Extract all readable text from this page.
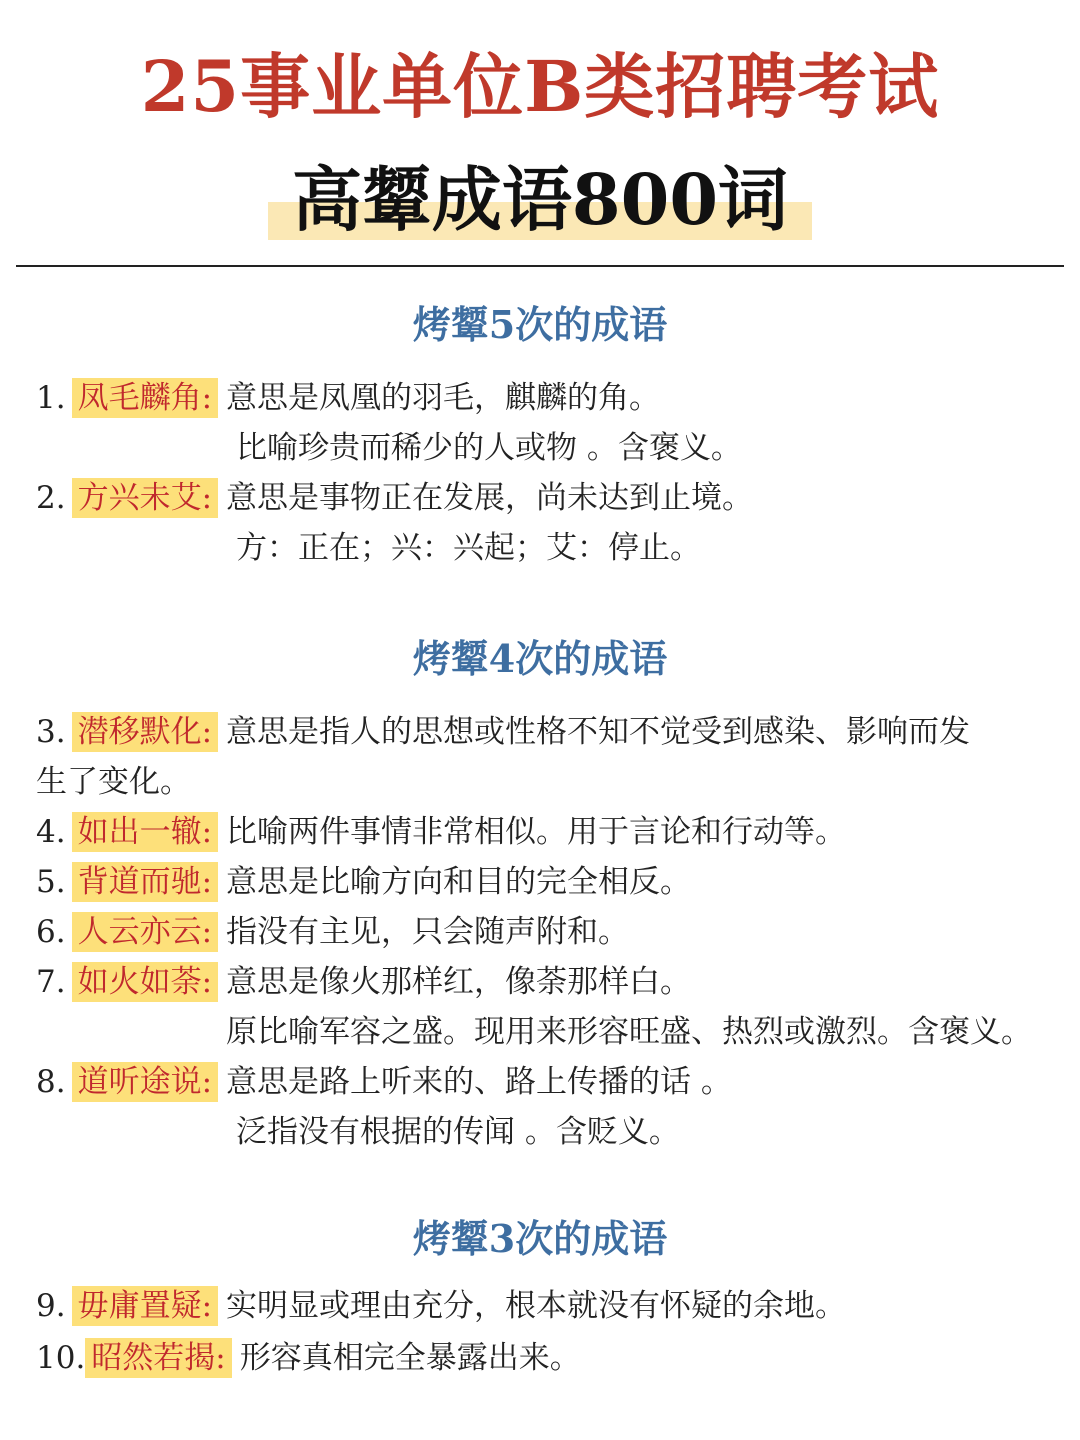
25事业单位B类招聘考试
高颦成语800词
烤颦5次的成语
1. 凤毛麟角: 意思是凤凰的羽毛，麒麟的角。
比喻珍贵而稀少的人或物 。含褒义。
2. 方兴未艾: 意思是事物正在发展，尚未达到止境。
方：正在；兴：兴起；艾：停止。
烤颦4次的成语
3. 潜移默化: 意思是指人的思想或性格不知不觉受到感染、影响而发
生了变化。
4. 如出一辙: 比喻两件事情非常相似。用于言论和行动等。
5. 背道而驰: 意思是比喻方向和目的完全相反。
6. 人云亦云: 指没有主见，只会随声附和。
7. 如火如荼: 意思是像火那样红，像荼那样白。
原比喻军容之盛。现用来形容旺盛、热烈或激烈。含褒义。
8. 道听途说: 意思是路上听来的、路上传播的话 。
泛指没有根据的传闻 。含贬义。
烤颦3次的成语
9. 毋庸置疑: 实明显或理由充分，根本就没有怀疑的余地。
10. 昭然若揭: 形容真相完全暴露出来。
